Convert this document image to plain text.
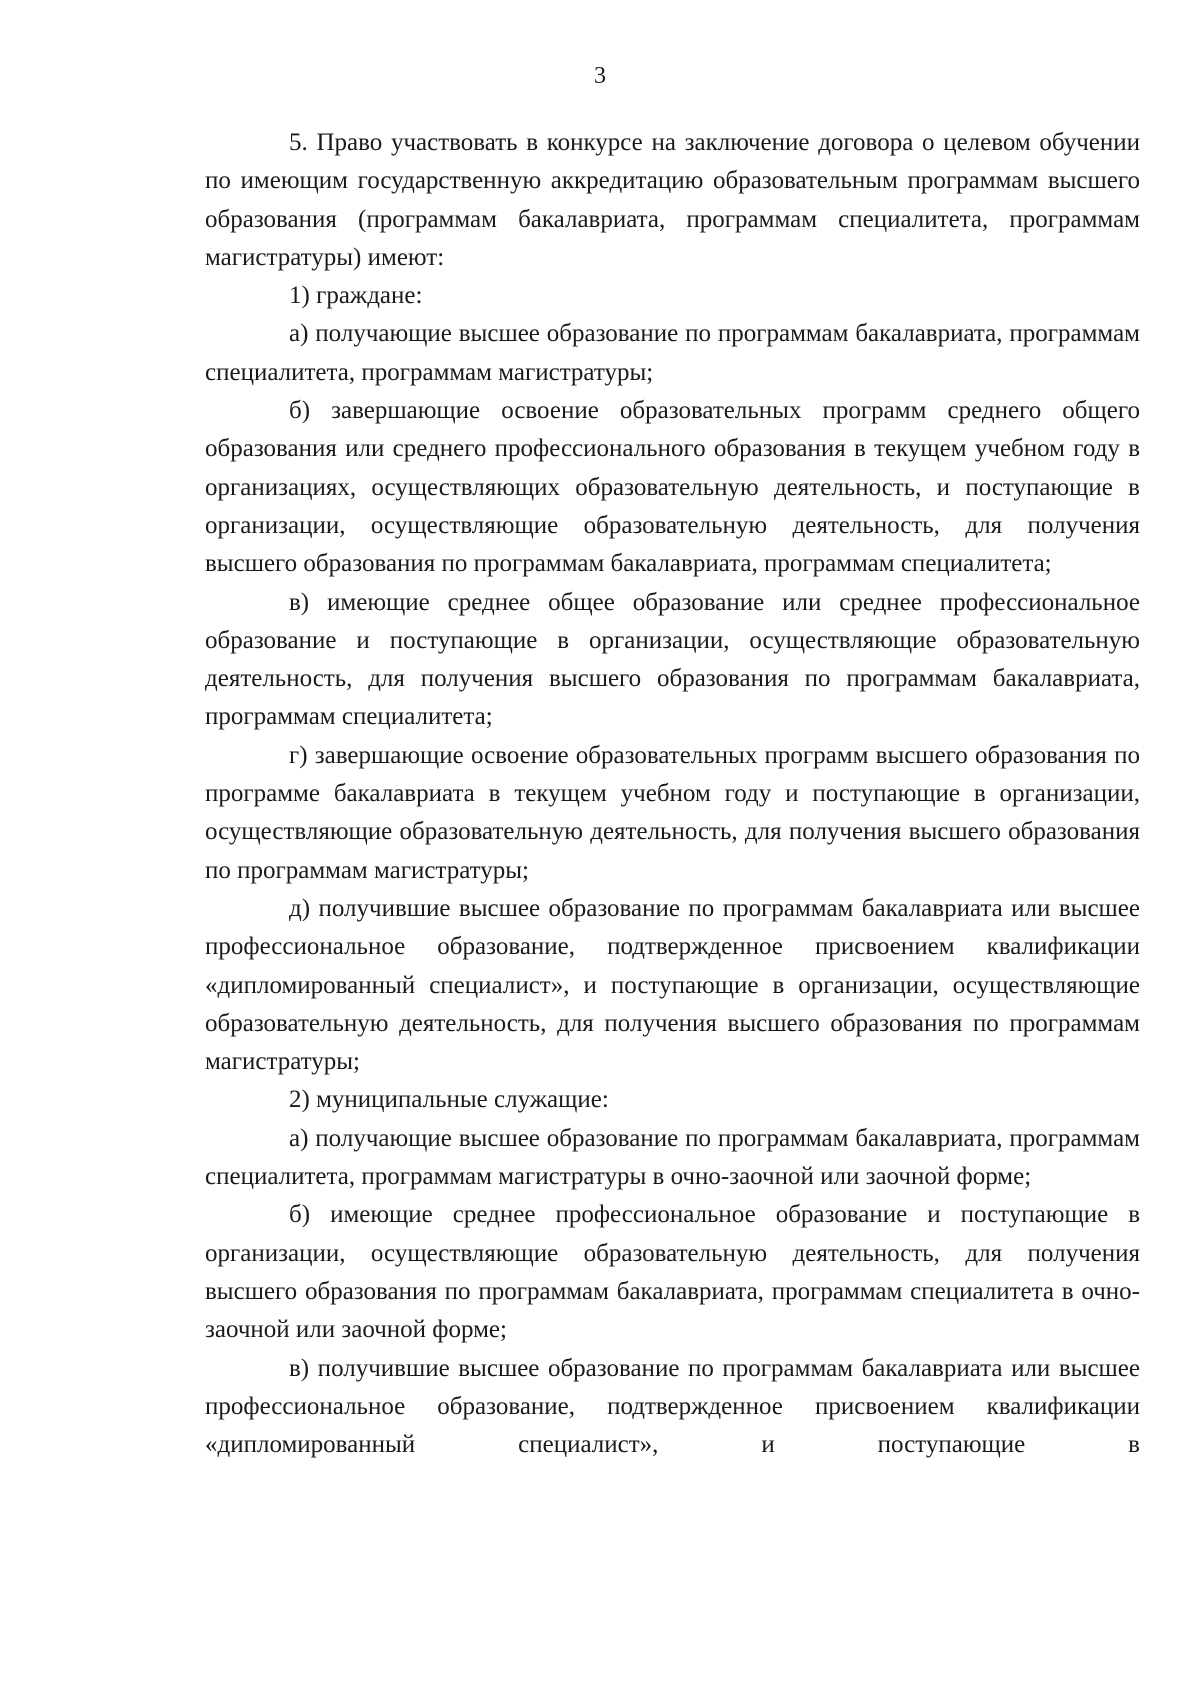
3

5. Право участвовать в конкурсе на заключение договора о целевом обучении по имеющим государственную аккредитацию образовательным программам высшего образования (программам бакалавриата, программам специалитета, программам магистратуры) имеют:

1) граждане:

а) получающие высшее образование по программам бакалавриата, программам специалитета, программам магистратуры;

б) завершающие освоение образовательных программ среднего общего образования или среднего профессионального образования в текущем учебном году в организациях, осуществляющих образовательную деятельность, и поступающие в организации, осуществляющие образовательную деятельность, для получения высшего образования по программам бакалавриата, программам специалитета;

в) имеющие среднее общее образование или среднее профессиональное образование и поступающие в организации, осуществляющие образовательную деятельность, для получения высшего образования по программам бакалавриата, программам специалитета;

г) завершающие освоение образовательных программ высшего образования по программе бакалавриата в текущем учебном году и поступающие в организации, осуществляющие образовательную деятельность, для получения высшего образования по программам магистратуры;

д) получившие высшее образование по программам бакалавриата или высшее профессиональное образование, подтвержденное присвоением квалификации «дипломированный специалист», и поступающие в организации, осуществляющие образовательную деятельность, для получения высшего образования по программам магистратуры;

2) муниципальные служащие:

а) получающие высшее образование по программам бакалавриата, программам специалитета, программам магистратуры в очно-заочной или заочной форме;

б) имеющие среднее профессиональное образование и поступающие в организации, осуществляющие образовательную деятельность, для получения высшего образования по программам бакалавриата, программам специалитета в очно-заочной или заочной форме;

в) получившие высшее образование по программам бакалавриата или высшее профессиональное образование, подтвержденное присвоением квалификации «дипломированный специалист», и поступающие в
